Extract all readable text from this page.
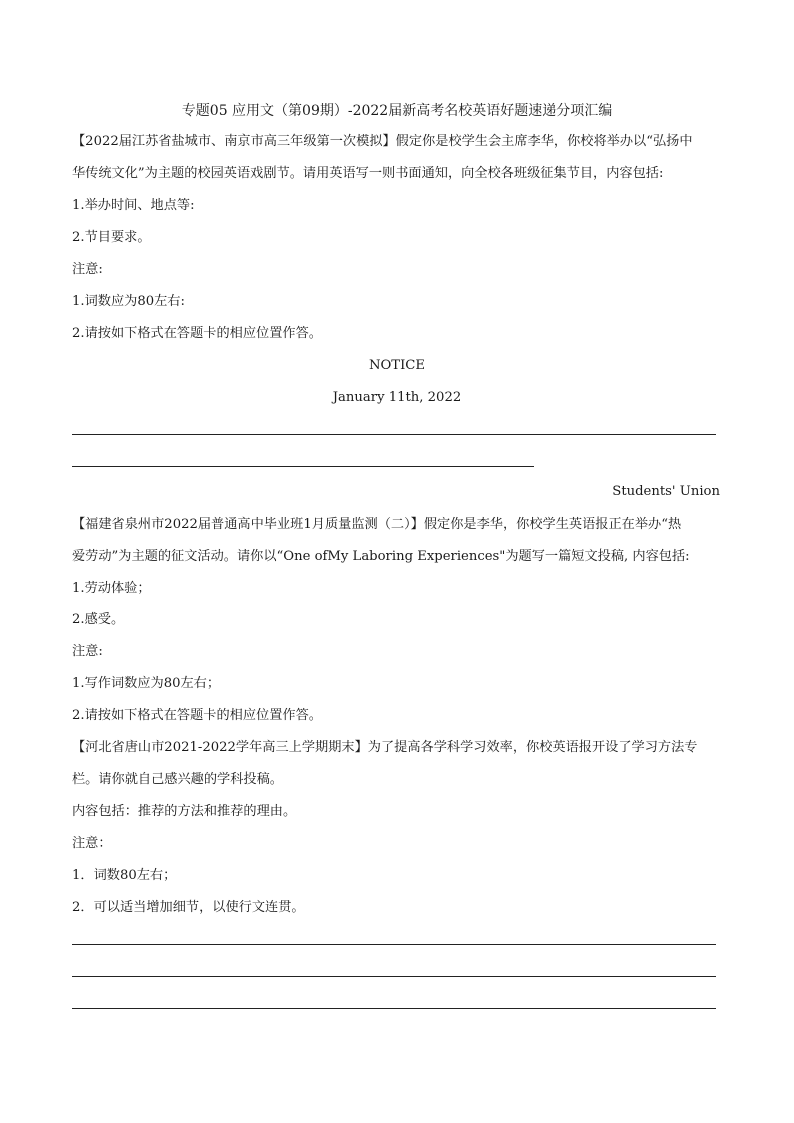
专题05 应用文（第09期）-2022届新高考名校英语好题速递分项汇编
【2022届江苏省盐城市、南京市高三年级第一次模拟】假定你是校学生会主席李华，你校将举办以“弘扬中
华传统文化”为主题的校园英语戏剧节。请用英语写一则书面通知，向全校各班级征集节目，内容包括:
1.举办时间、地点等:
2.节目要求。
注意:
1.词数应为80左右:
2.请按如下格式在答题卡的相应位置作答。
NOTICE
January 11th, 2022
Students' Union
【福建省泉州市2022届普通高中毕业班1月质量监测（二）】假定你是李华，你校学生英语报正在举办“热
爱劳动”为主题的征文活动。请你以“One ofMy Laboring Experiences"为题写一篇短文投稿, 内容包括:
1.劳动体验；
2.感受。
注意:
1.写作词数应为80左右；
2.请按如下格式在答题卡的相应位置作答。
【河北省唐山市2021-2022学年高三上学期期末】为了提高各学科学习效率，你校英语报开设了学习方法专
栏。请你就自己感兴趣的学科投稿。
内容包括：推荐的方法和推荐的理由。
注意：
1．词数80左右；
2．可以适当增加细节，以使行文连贯。
